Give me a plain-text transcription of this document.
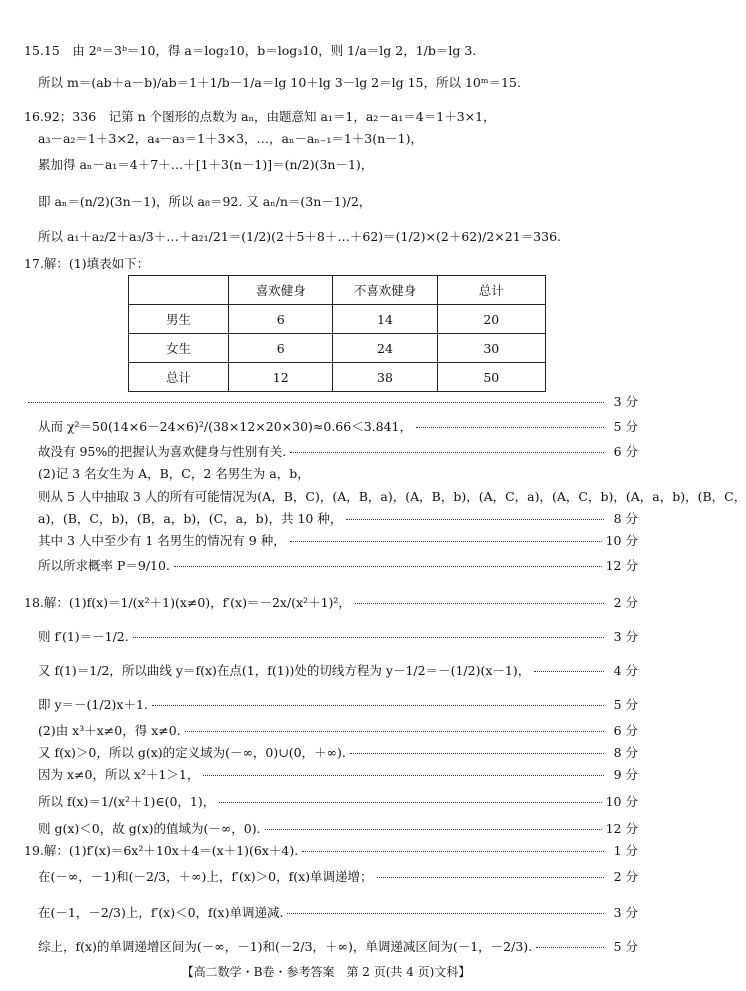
15.15　由 2ᵃ＝3ᵇ＝10，得 a＝log₂10，b＝log₃10，则 1/a＝lg 2，1/b＝lg 3.
所以 m＝(ab＋a－b)/ab＝1＋1/b－1/a＝lg 10＋lg 3－lg 2＝lg 15，所以 10ᵐ＝15.
16.92；336　记第 n 个图形的点数为 aₙ，由题意知 a₁＝1，a₂－a₁＝4＝1＋3×1，
a₃－a₂＝1＋3×2，a₄－a₃＝1＋3×3，…，aₙ－aₙ₋₁＝1＋3(n－1)，
累加得 aₙ－a₁＝4＋7＋…＋[1＋3(n－1)]＝(n/2)(3n－1)，
即 aₙ＝(n/2)(3n－1)，所以 a₈＝92. 又 aₙ/n＝(3n－1)/2，
所以 a₁＋a₂/2＋a₃/3＋…＋a₂₁/21＝(1/2)(2＋5＋8＋…＋62)＝(1/2)×(2＋62)/2×21＝336.
17.解：(1)填表如下：
3 分
从而 χ²＝50(14×6－24×6)²/(38×12×20×30)≈0.66＜3.841，	5 分
故没有 95%的把握认为喜欢健身与性别有关.	6 分
(2)记 3 名女生为 A，B，C，2 名男生为 a，b，
则从 5 人中抽取 3 人的所有可能情况为(A，B，C)，(A，B，a)，(A，B，b)，(A，C，a)，(A，C，b)，(A，a，b)，(B，C，
a)，(B，C，b)，(B，a，b)，(C，a，b)，共 10 种，	8 分
其中 3 人中至少有 1 名男生的情况有 9 种，	10 分
所以所求概率 P＝9/10.	12 分
18.解：(1)f(x)＝1/(x²＋1)(x≠0)，f′(x)＝－2x/(x²＋1)²，	2 分
则 f′(1)＝－1/2.	3 分
又 f(1)＝1/2，所以曲线 y＝f(x)在点(1，f(1))处的切线方程为 y－1/2＝－(1/2)(x－1)，	4 分
即 y＝－(1/2)x＋1.	5 分
(2)由 x³＋x≠0，得 x≠0.	6 分
又 f(x)＞0，所以 g(x)的定义域为(－∞，0)∪(0，＋∞).	8 分
因为 x≠0，所以 x²＋1＞1，	9 分
所以 f(x)＝1/(x²＋1)∈(0，1)，	10 分
则 g(x)＜0，故 g(x)的值域为(－∞，0).	12 分
19.解：(1)f′(x)＝6x²＋10x＋4＝(x＋1)(6x＋4).	1 分
在(－∞，－1)和(－2/3，＋∞)上，f′(x)＞0，f(x)单调递增；	2 分
在(－1，－2/3)上，f′(x)＜0，f(x)单调递减.	3 分
综上，f(x)的单调递增区间为(－∞，－1)和(－2/3，＋∞)，单调递减区间为(－1，－2/3).	5 分
	喜欢健身	不喜欢健身	总计
男生	6	14	20
女生	6	24	30
总计	12	38	50
【高二数学・B卷・参考答案　第 2 页(共 4 页)文科】
